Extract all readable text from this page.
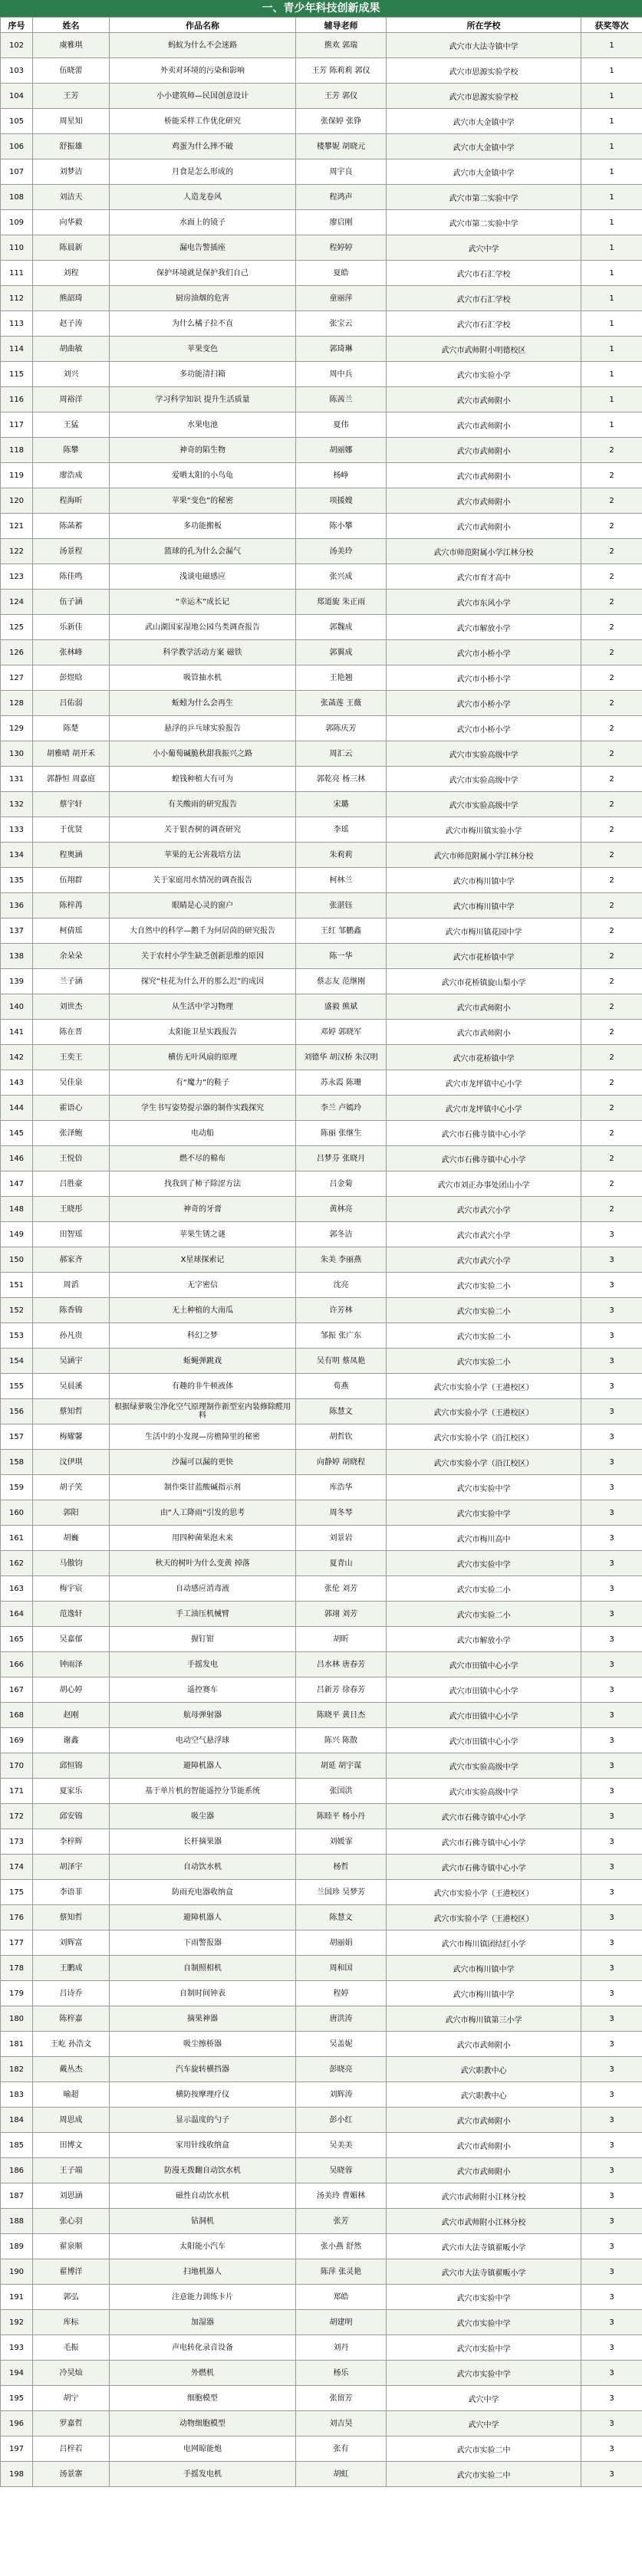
一、青少年科技创新成果
序号	姓名	作品名称	辅导老师	所在学校	获奖等次
102	虞雅琪	蚂蚁为什么不会迷路	熊欢 郭瑞	武穴市大法寺镇中学	1
103	伍晓蕾	外卖对环境的污染和影响	王芳 陈莉莉 郭仪	武穴市思源实验学校	1
104	王芳	小小建筑师—民国创意设计	王芳 郭仪	武穴市思源实验学校	1
105	周星知	桥能采样工作优化研究	张保婷 张铮	武穴市大金镇中学	1
106	舒振雄	鸡蛋为什么摔不破	楼攀妮 胡晓元	武穴市大金镇中学	1
107	刘梦洁	月食是怎么形成的	周宇良	武穴市大金镇中学	1
108	刘洁天	人造龙卷风	程鸿声	武穴市第二实验中学	1
109	向华毅	水面上的镜子	廖启刚	武穴市第二实验中学	1
110	陈晨新	漏电告警插座	程婷婷	武穴中学	1
111	刘程	保护环境就是保护我们自己	夏皓	武穴市石汇学校	1
112	熊韶琦	厨房油烟的危害	童丽萍	武穴市石汇学校	1
113	赵子涛	为什么橘子拉不直	张宝云	武穴市石汇学校	1
114	胡曲敏	苹果变色	郭琦琳	武穴市武师附小明德校区	1
115	刘兴	多功能清扫箱	周中兵	武穴市实验小学	1
116	周裕洋	学习科学知识 提升生活质量	陈茜兰	武穴市武师附小	1
117	王猛	水果电池	夏伟	武穴市武师附小	1
118	陈攀	神奇的陷生物	胡丽娜	武穴市武师附小	2
119	廖浩成	爱晒太阳的小鸟龟	杨峥	武穴市武师附小	2
120	程海昕	苹果“变色”的秘密	项援嫂	武穴市武师附小	2
121	陈菡蓄	多功能搬板	陈小攀	武穴市武师附小	2
122	汤景程	篮球的孔为什么会漏气	汤美玲	武穴市师范附属小学江林分校	2
123	陈佳鸣	浅谈电磁感应	张兴成	武穴市育才高中	2
124	伍子涵	“幸运木”成长记	郑道旎 朱正雨	武穴市东风小学	2
125	乐新佳	武山湖国家湿地公园鸟类调查报告	郭魏成	武穴市解放小学	2
126	张林峰	科学教学活动方案 磁铁	郭翼成	武穴市小桥小学	2
127	彭煜晗	吸管抽水机	王艳翘	武穴市小桥小学	2
128	吕佑弱	蚯蚓为什么会再生	张菡莲 王薇	武穴市小桥小学	2
129	陈楚	悬浮的乒乓球实验报告	郭陈庆芳	武穴市小桥小学	2
130	胡雅晴 胡开禾	小小葡萄碱脆秋甜我振兴之路	周汇云	武穴市实验高级中学	2
131	郭静恒 周嘉庭	蝗钱种植大有可为	郭乾亮 杨三林	武穴市实验高级中学	2
132	蔡宇轩	有关酸雨的研究报告	宋璐	武穴市实验高级中学	2
133	于优贤	关于银杏树的调查研究	李瑶	武穴市梅川镇实验小学	2
134	程奥涵	苹果的无公害栽培方法	朱莉莉	武穴市师范附属小学江林分校	2
135	伍翔群	关于家庭用水情况的调查报告	柯林兰	武穴市梅川镇中学	2
136	陈梓苒	眼睛是心灵的窗户	张湛钰	武穴市梅川镇中学	2
137	柯倩瑶	大自然中的科学—鹅千为何居茵的研究报告	王红 邹鹏鑫	武穴市梅川镇花园中学	2
138	余朵朵	关于农村小学生缺乏创新思维的原因	陈一华	武穴市花桥镇中学	2
139	兰子涵	探究“桂花为什么开的那么迟”的成因	蔡志友 范继刚	武穴市花桥镇旋山梨小学	2
140	刘世杰	从生活中学习物理	盛毅 熊斌	武穴市武师附小	2
141	陈在晋	太阳能卫星实践报告	邓婷 郭晓军	武穴市武师附小	2
142	王奕王	横仿无叶风扇的原理	刘德华 胡汉桥 朱汉明	武穴市花桥镇中学	2
143	吴佳泉	有“魔力”的鞋子	苏永霞 陈珊	武穴市龙坪镇中心小学	2
144	霍语心	学生书写姿势提示器的制作实践探究	李兰 卢嫣玲	武穴市龙坪镇中心小学	2
145	张泽鲍	电动船	陈丽 张继生	武穴市石佛寺镇中心小学	2
146	王悦倍	燃不尽的棉布	吕梦芬 张晓月	武穴市石佛寺镇中心小学	2
147	吕胜豪	找我到了柿子除涩方法	吕金菊	武穴市刘正办事处团山小学	2
148	王晓彤	神奇的牙膏	黄林亮	武穴市武穴小学	2
149	田智瑶	苹果生锈之谜	郭冬洁	武穴市武穴小学	3
150	郝家齐	X星球探索记	朱美 李丽燕	武穴市武穴小学	3
151	周滔	无字密信	沈亮	武穴市实验二小	3
152	陈香锦	无土种植的大南瓜	许芳林	武穴市实验二小	3
153	孙凡贵	科幻之梦	邹振 张广东	武穴市实验二小	3
154	吴涵宇	蚯蝇弹跳戏	吴有明 蔡凤艳	武穴市实验二小	3
155	吴晨溪	有趣的非牛顿液体	荀燕	武穴市实验小学（王港校区）	3
156	蔡知哲	根据绿萝吸尘净化空气原理制作新型室内装修除醛用料	陈慧文	武穴市实验小学（王港校区）	3
157	梅耀馨	生活中的小发现—房檐障里的秘密	胡哲钦	武穴市实验小学（沿江校区）	3
158	汶伊琪	沙漏可以漏的更快	向静婷 胡晓程	武穴市实验小学（沿江校区）	3
159	胡子笑	制作柴甘蓝酸碱指示剂	库浩华	武穴市实验中学	3
160	郭阳	由“人工降雨”引发的思考	周冬琴	武穴市实验中学	3
161	胡巍	用四种菌果泡未来	刘景岩	武穴市梅川高中	3
162	马傲钧	秋天的树叶为什么变黄 掉落	夏青山	武穴市实验中学	3
163	梅宇宸	自动感应消毒液	张伦 刘芳	武穴市实验二小	3
164	范逸轩	手工油压机械臂	郭翊 刘芳	武穴市实验二小	3
165	吴嘉郁	握钉钳	胡昕	武穴市解放小学	3
166	钟雨泽	手摇发电	吕水林 唐春芳	武穴市田镇中心小学	3
167	胡心婷	遥控赛车	吕新芳 徐春芳	武穴市田镇中心小学	3
168	赵刚	航母弹射器	陈晓平 黄日杰	武穴市田镇中心小学	3
169	谢鑫	电动空气悬浮球	陈兴 陈散	武穴市田镇中心小学	3
170	邱恒锦	避障机器人	胡延 胡宇谋	武穴市实验高级中学	3
171	夏家乐	基于单片机的智能遥控分节能系统	张国洪	武穴市实验高级中学	3
172	邱安锦	吸尘器	陈睦平 杨小丹	武穴市石佛寺镇中心小学	3
173	李梓辉	长杆摘果器	刘媛霏	武穴市石佛寺镇中心小学	3
174	胡泽宇	自动饮水机	杨哲	武穴市石佛寺镇中心小学	3
175	李语菲	防雨充电器收纳盒	兰国珍 吴梦芳	武穴市实验小学（王港校区）	3
176	蔡知哲	避障机器人	陈慧文	武穴市实验小学（王港校区）	3
177	刘辉富	下雨警报器	胡丽娟	武穴市梅川镇团结红小学	3
178	王鹏成	自制照相机	周和国	武穴市梅川镇中学	3
179	吕诗乔	自制时间钟表	程婷	武穴市梅川镇中学	3
180	陈梓嘉	摘果神器	唐洪涛	武穴市梅川镇第三小学	3
181	王屹 孙浩文	吸尘擦桥器	吴盖妮	武穴市武师附小	3
182	戴丛杰	汽车旋转横挡器	彭晓亮	武穴职教中心	3
183	喻超	横防按摩理疗仪	刘辉涛	武穴职教中心	3
184	周思成	显示温度的勺子	彭小红	武穴市武师附小	3
185	田博文	家用针线收纳盒	吴美美	武穴市武师附小	3
186	王子端	防漫无拨翻自动饮水机	吴晓蓉	武穴市武师附小	3
187	刘思涵	磁性自动饮水机	汤美玲 曹媚林	武穴市武师附小江林分校	3
188	张心羽	钻洞机	张芳	武穴市武师附小江林分校	3
189	翟泉顺	太阳能小汽车	张小燕 舒然	武穴市大法寺镇翟畈小学	3
190	翟博洋	扫地机器人	陈萍 张灵艳	武穴市大法寺镇翟畈小学	3
191	郭弘	注意能力训练卡片	郑皓	武穴市实验中学	3
192	库标	加湿器	胡建明	武穴市实验中学	3
193	毛振	声电转化录音设备	刘丹	武穴市实验中学	3
194	冷昊灿	外燃机	杨乐	武穴市实验中学	3
195	胡宁	细胞模型	张留芳	武穴中学	3
196	罗嘉哲	动物细胞模型	刘吉昊	武穴中学	3
197	吕梓若	电网晾能炮	张有	武穴市实验二中	3
198	汤景寨	手摇发电机	胡虹	武穴市实验二中	3
